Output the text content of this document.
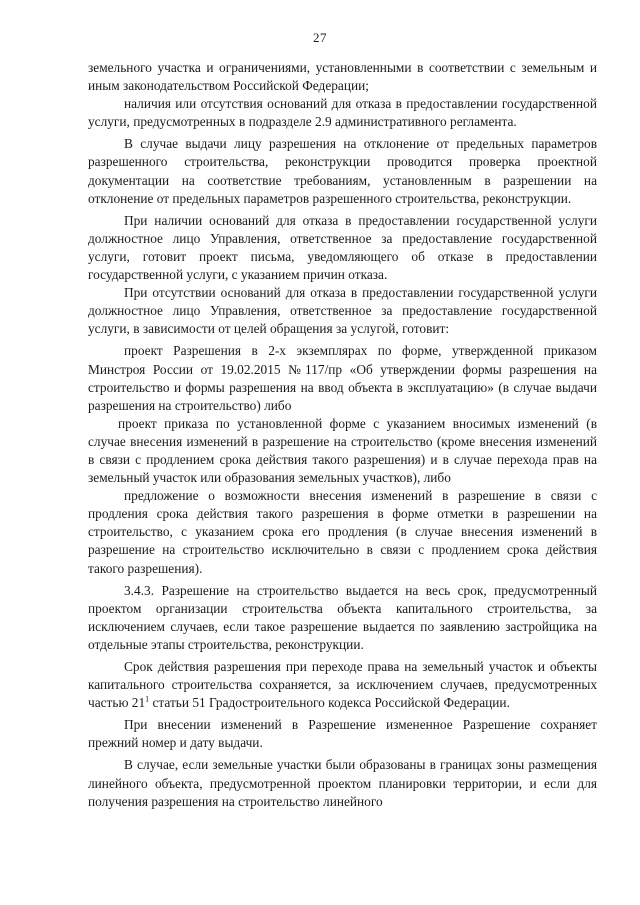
27

земельного участка и ограничениями, установленными в соответствии с земельным и иным законодательством Российской Федерации;

наличия или отсутствия оснований для отказа в предоставлении государственной услуги, предусмотренных в подразделе 2.9 административного регламента.

В случае выдачи лицу разрешения на отклонение от предельных параметров разрешенного строительства, реконструкции проводится проверка проектной документации на соответствие требованиям, установленным в разрешении на отклонение от предельных параметров разрешенного строительства, реконструкции.

При наличии оснований для отказа в предоставлении государственной услуги должностное лицо Управления, ответственное за предоставление государственной услуги, готовит проект письма, уведомляющего об отказе в предоставлении государственной услуги, с указанием причин отказа.

При отсутствии оснований для отказа в предоставлении государственной услуги должностное лицо Управления, ответственное за предоставление государственной услуги, в зависимости от целей обращения за услугой, готовит:

проект Разрешения в 2-х экземплярах по форме, утвержденной приказом Минстроя России от 19.02.2015 №117/пр «Об утверждении формы разрешения на строительство и формы разрешения на ввод объекта в эксплуатацию» (в случае выдачи разрешения на строительство) либо

проект приказа по установленной форме с указанием вносимых изменений (в случае внесения изменений в разрешение на строительство (кроме внесения изменений в связи с продлением срока действия такого разрешения) и в случае перехода прав на земельный участок или образования земельных участков), либо

предложение о возможности внесения изменений в разрешение в связи с продления срока действия такого разрешения в форме отметки в разрешении на строительство, с указанием срока его продления (в случае внесения изменений в разрешение на строительство исключительно в связи с продлением срока действия такого разрешения).

3.4.3. Разрешение на строительство выдается на весь срок, предусмотренный проектом организации строительства объекта капитального строительства, за исключением случаев, если такое разрешение выдается по заявлению застройщика на отдельные этапы строительства, реконструкции.

Срок действия разрешения при переходе права на земельный участок и объекты капитального строительства сохраняется, за исключением случаев, предусмотренных частью $21^1$ статьи 51 Градостроительного кодекса Российской Федерации.

При внесении изменений в Разрешение измененное Разрешение сохраняет прежний номер и дату выдачи.

В случае, если земельные участки были образованы в границах зоны размещения линейного объекта, предусмотренной проектом планировки территории, и если для получения разрешения на строительство линейного
